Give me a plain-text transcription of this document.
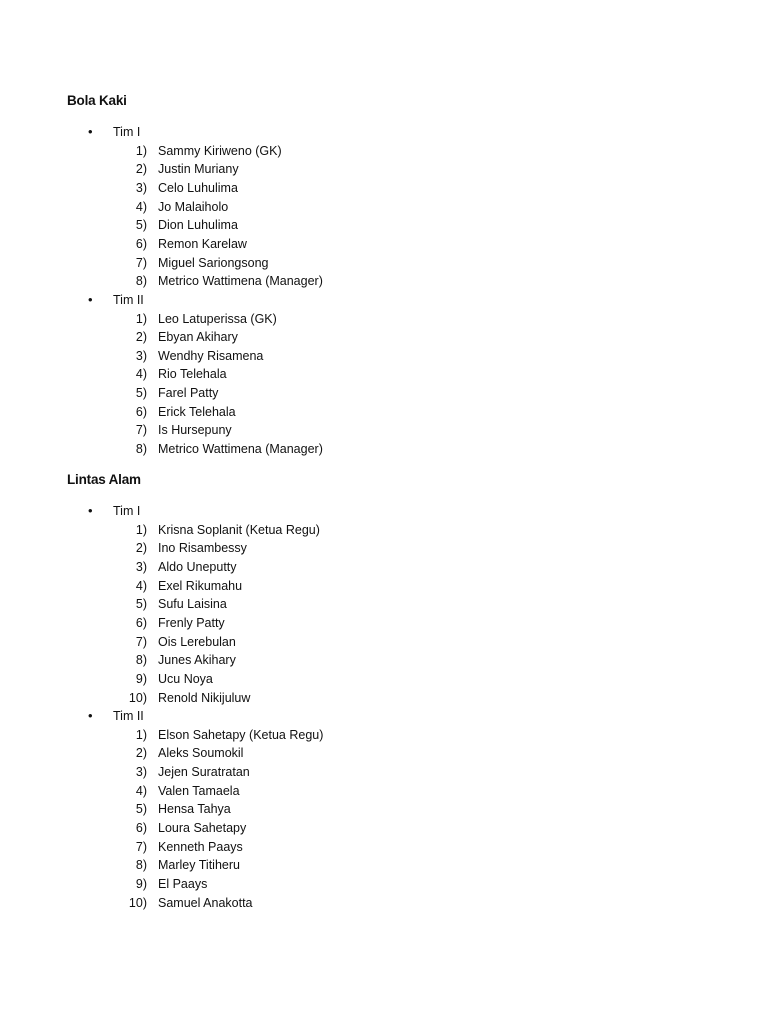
Bola Kaki
• Tim I
1) Sammy Kiriweno (GK)
2) Justin Muriany
3) Celo Luhulima
4) Jo Malaiholo
5) Dion Luhulima
6) Remon Karelaw
7) Miguel Sariongsong
8) Metrico Wattimena (Manager)
• Tim II
1) Leo Latuperissa (GK)
2) Ebyan Akihary
3) Wendhy Risamena
4) Rio Telehala
5) Farel Patty
6) Erick Telehala
7) Is Hursepuny
8) Metrico Wattimena (Manager)
Lintas Alam
• Tim I
1) Krisna Soplanit (Ketua Regu)
2) Ino Risambessy
3) Aldo Uneputty
4) Exel Rikumahu
5) Sufu Laisina
6) Frenly Patty
7) Ois Lerebulan
8) Junes Akihary
9) Ucu Noya
10) Renold Nikijuluw
• Tim II
1) Elson Sahetapy (Ketua Regu)
2) Aleks Soumokil
3) Jejen Suratratan
4) Valen Tamaela
5) Hensa Tahya
6) Loura Sahetapy
7) Kenneth Paays
8) Marley Titiheru
9) El Paays
10) Samuel Anakotta
